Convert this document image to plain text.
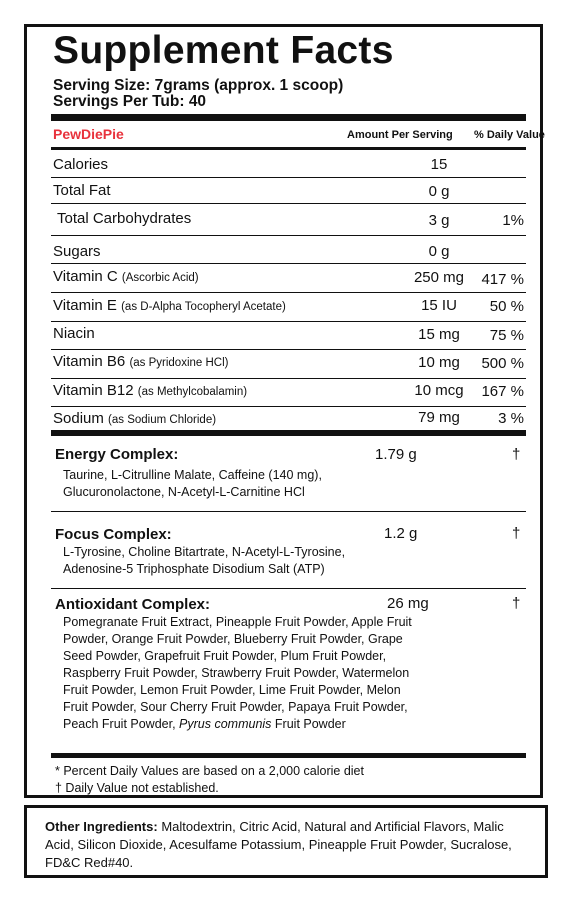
Supplement Facts
Serving Size: 7grams (approx. 1 scoop)
Servings Per Tub: 40
PewDiePie	Amount Per Serving % Daily Value
Calories	15
Total Fat	0 g
Total Carbohydrates	3 g	1%
Sugars	0 g
Vitamin C (Ascorbic Acid)	250 mg	417 %
Vitamin E (as D-Alpha Tocopheryl Acetate)	15 IU	50 %
Niacin	15 mg	75 %
Vitamin B6 (as Pyridoxine HCl)	10 mg	500 %
Vitamin B12 (as Methylcobalamin)	10 mcg	167 %
Sodium (as Sodium Chloride)	79 mg	3 %
Energy Complex:	1.79 g	†
Taurine, L-Citrulline Malate, Caffeine (140 mg), Glucuronolactone, N-Acetyl-L-Carnitine HCl
Focus Complex:	1.2 g	†
L-Tyrosine, Choline Bitartrate, N-Acetyl-L-Tyrosine, Adenosine-5 Triphosphate Disodium Salt (ATP)
Antioxidant Complex:	26 mg	†
Pomegranate Fruit Extract, Pineapple Fruit Powder, Apple Fruit Powder, Orange Fruit Powder, Blueberry Fruit Powder, Grape Seed Powder, Grapefruit Fruit Powder, Plum Fruit Powder, Raspberry Fruit Powder, Strawberry Fruit Powder, Watermelon Fruit Powder, Lemon Fruit Powder, Lime Fruit Powder, Melon Fruit Powder, Sour Cherry Fruit Powder, Papaya Fruit Powder, Peach Fruit Powder, Pyrus communis Fruit Powder
* Percent Daily Values are based on a 2,000 calorie diet
† Daily Value not established.
Other Ingredients: Maltodextrin, Citric Acid, Natural and Artificial Flavors, Malic Acid, Silicon Dioxide, Acesulfame Potassium, Pineapple Fruit Powder, Sucralose, FD&C Red#40.
